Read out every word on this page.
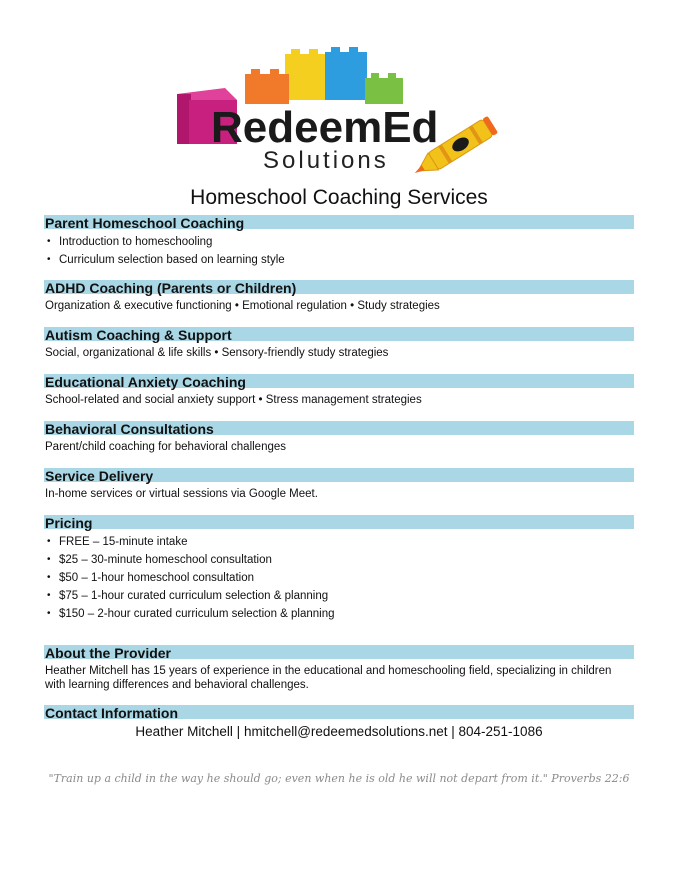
RedeemEd
Solutions
Homeschool Coaching Services
Parent Homeschool Coaching
• Introduction to homeschooling
• Curriculum selection based on learning style
ADHD Coaching (Parents or Children)
Organization & executive functioning • Emotional regulation • Study strategies
Autism Coaching & Support
Social, organizational & life skills • Sensory-friendly study strategies
Educational Anxiety Coaching
School-related and social anxiety support • Stress management strategies
Behavioral Consultations
Parent/child coaching for behavioral challenges
Service Delivery
In-home services or virtual sessions via Google Meet.
Pricing
• FREE – 15-minute intake
• $25 – 30-minute homeschool consultation
• $50 – 1-hour homeschool consultation
• $75 – 1-hour curated curriculum selection & planning
• $150 – 2-hour curated curriculum selection & planning
About the Provider
Heather Mitchell has 15 years of experience in the educational and homeschooling field, specializing in children with learning differences and behavioral challenges.
Contact Information
Heather Mitchell | hmitchell@redeemedsolutions.net | 804-251-1086
"Train up a child in the way he should go; even when he is old he will not depart from it." Proverbs 22:6
